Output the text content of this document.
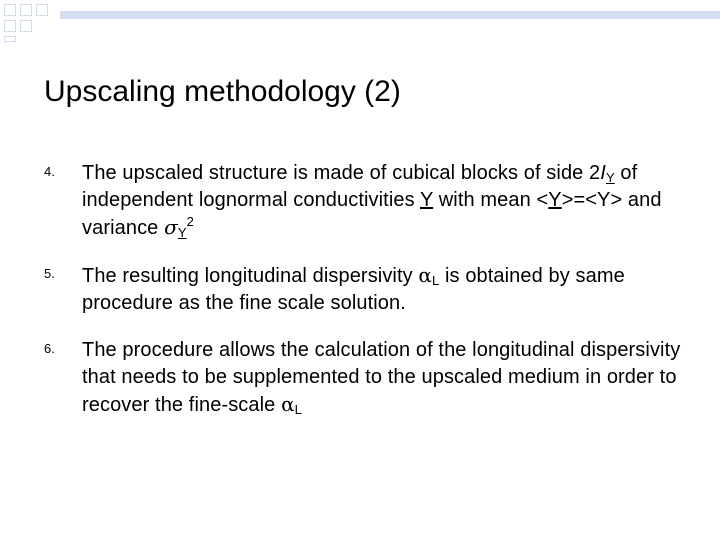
Upscaling methodology (2)
4.	The upscaled structure is made of cubical blocks of side $2I_Y$ of independent lognormal conductivities Y with mean <Y>=<Y> and variance $\sigma_Y^2$
5.	The resulting longitudinal dispersivity $\alpha_L$ is obtained by same procedure as the fine scale solution.
6.	The procedure allows the calculation of the longitudinal dispersivity that needs to be supplemented to the upscaled medium in order to recover the fine-scale $\alpha_L$
